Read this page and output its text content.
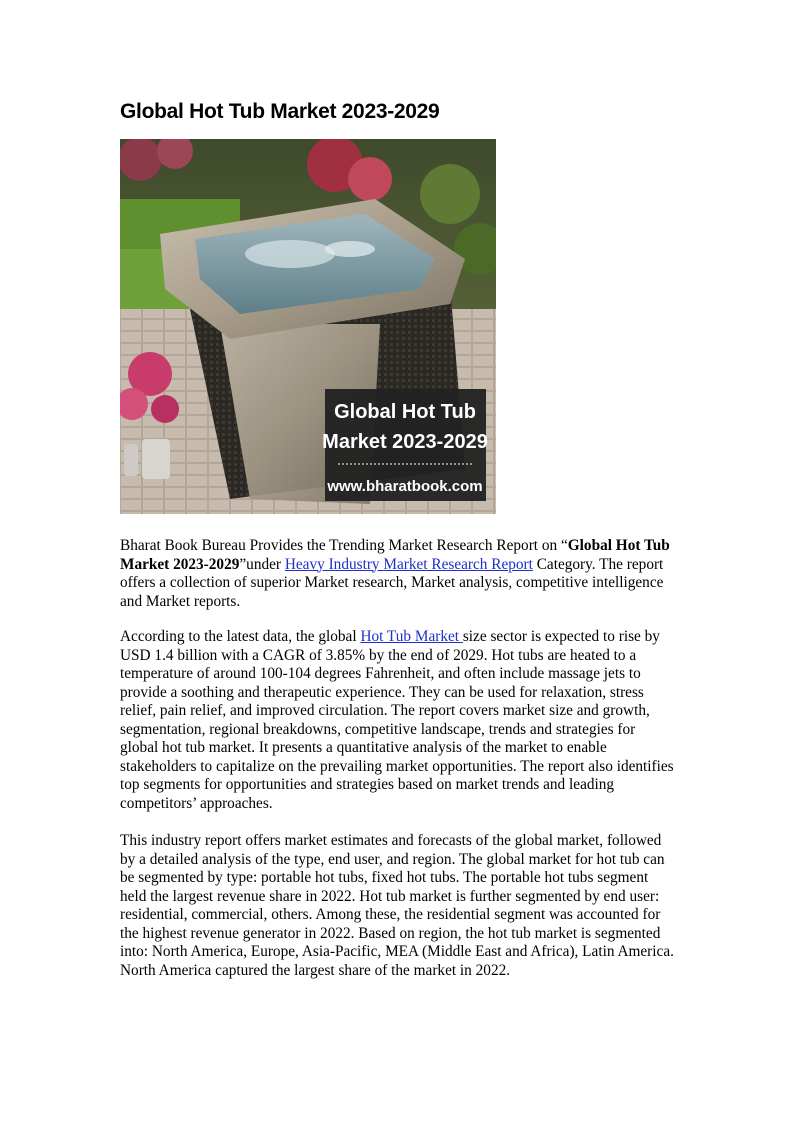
Global Hot Tub Market 2023-2029
Global Hot Tub
Market 2023-2029
www.bharatbook.com

Bharat Book Bureau Provides the Trending Market Research Report on “Global Hot Tub Market 2023-2029”under Heavy Industry Market Research Report Category. The report offers a collection of superior Market research, Market analysis, competitive intelligence and Market reports.

According to the latest data, the global Hot Tub Market size sector is expected to rise by USD 1.4 billion with a CAGR of 3.85% by the end of 2029. Hot tubs are heated to a temperature of around 100-104 degrees Fahrenheit, and often include massage jets to provide a soothing and therapeutic experience. They can be used for relaxation, stress relief, pain relief, and improved circulation. The report covers market size and growth, segmentation, regional breakdowns, competitive landscape, trends and strategies for global hot tub market. It presents a quantitative analysis of the market to enable stakeholders to capitalize on the prevailing market opportunities. The report also identifies top segments for opportunities and strategies based on market trends and leading competitors’ approaches.

This industry report offers market estimates and forecasts of the global market, followed by a detailed analysis of the type, end user, and region. The global market for hot tub can be segmented by type: portable hot tubs, fixed hot tubs. The portable hot tubs segment held the largest revenue share in 2022. Hot tub market is further segmented by end user: residential, commercial, others. Among these, the residential segment was accounted for the highest revenue generator in 2022. Based on region, the hot tub market is segmented into: North America, Europe, Asia-Pacific, MEA (Middle East and Africa), Latin America. North America captured the largest share of the market in 2022.
